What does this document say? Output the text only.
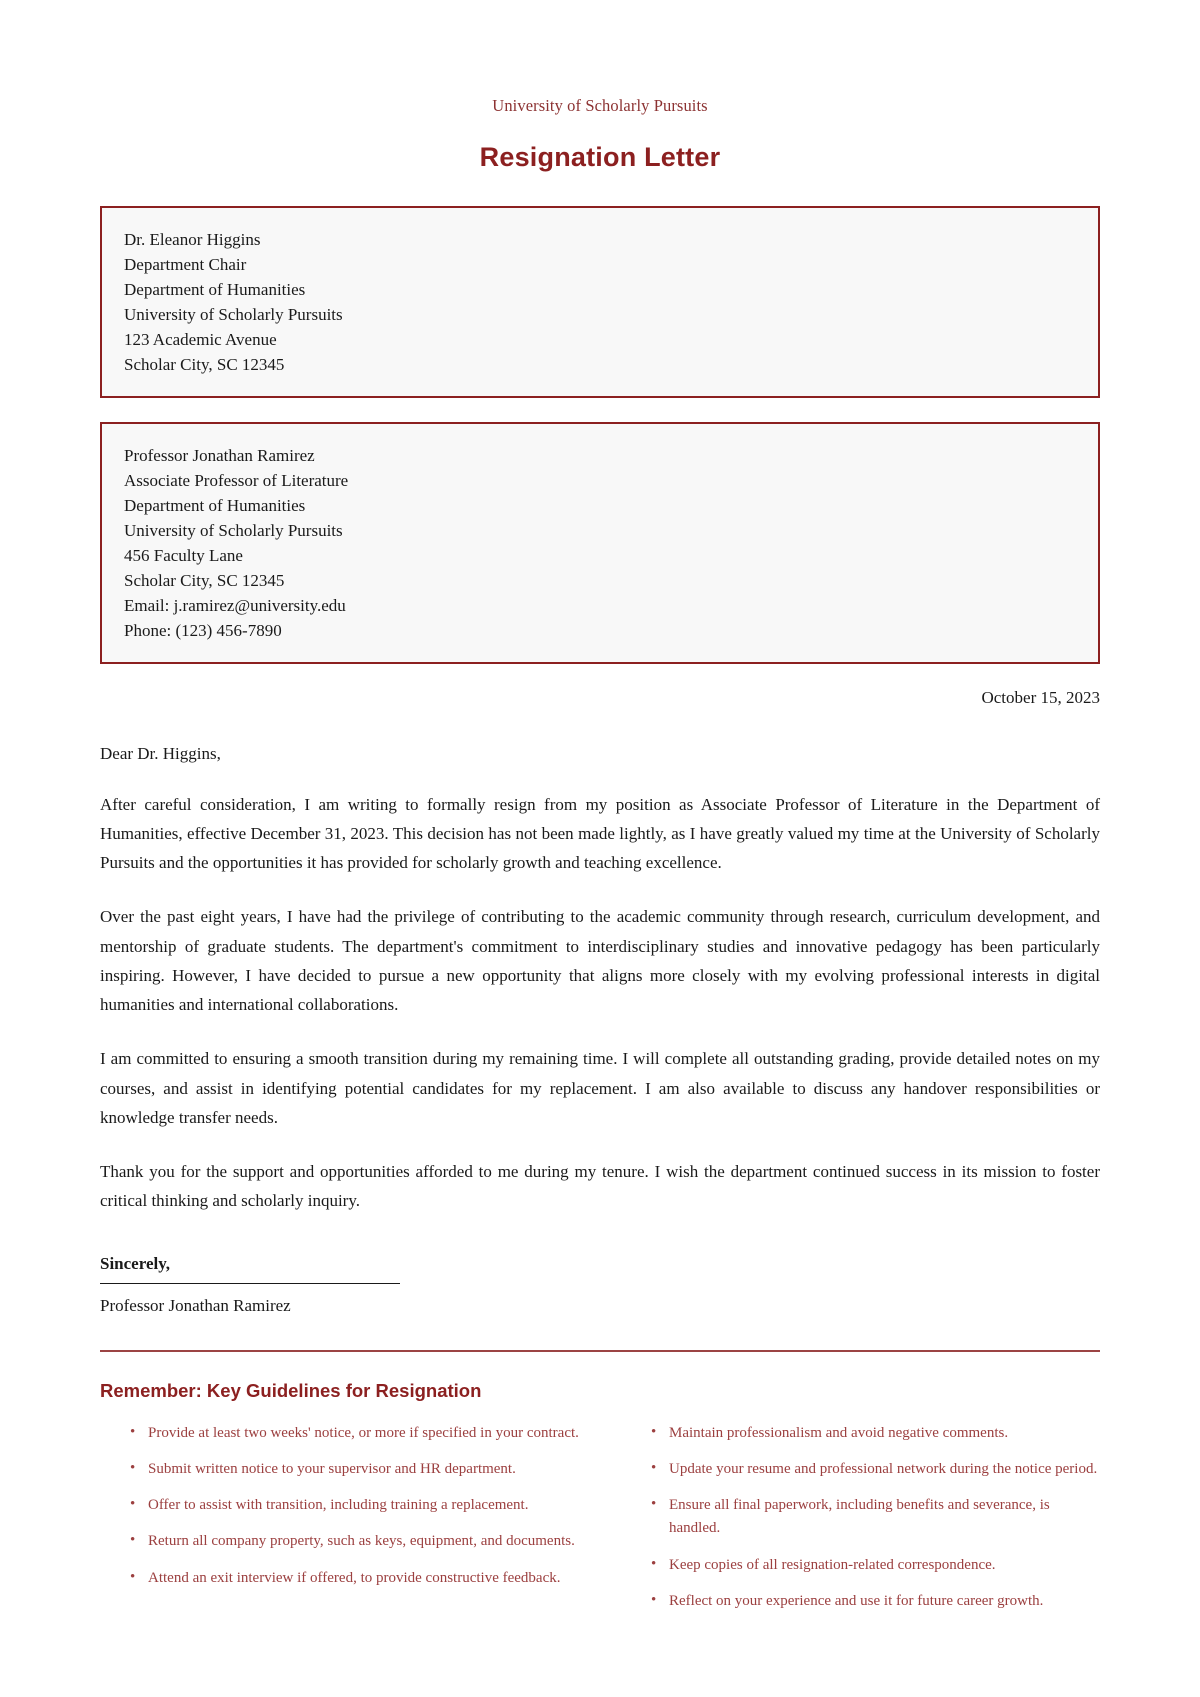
University of Scholarly Pursuits
Resignation Letter
Dr. Eleanor Higgins
Department Chair
Department of Humanities
University of Scholarly Pursuits
123 Academic Avenue
Scholar City, SC 12345
Professor Jonathan Ramirez
Associate Professor of Literature
Department of Humanities
University of Scholarly Pursuits
456 Faculty Lane
Scholar City, SC 12345
Email: j.ramirez@university.edu
Phone: (123) 456-7890
October 15, 2023
Dear Dr. Higgins,

After careful consideration, I am writing to formally resign from my position as Associate Professor of Literature in the Department of Humanities, effective December 31, 2023. This decision has not been made lightly, as I have greatly valued my time at the University of Scholarly Pursuits and the opportunities it has provided for scholarly growth and teaching excellence.

Over the past eight years, I have had the privilege of contributing to the academic community through research, curriculum development, and mentorship of graduate students. The department's commitment to interdisciplinary studies and innovative pedagogy has been particularly inspiring. However, I have decided to pursue a new opportunity that aligns more closely with my evolving professional interests in digital humanities and international collaborations.

I am committed to ensuring a smooth transition during my remaining time. I will complete all outstanding grading, provide detailed notes on my courses, and assist in identifying potential candidates for my replacement. I am also available to discuss any handover responsibilities or knowledge transfer needs.

Thank you for the support and opportunities afforded to me during my tenure. I wish the department continued success in its mission to foster critical thinking and scholarly inquiry.

Sincerely,
Professor Jonathan Ramirez
Remember: Key Guidelines for Resignation
• Provide at least two weeks' notice, or more if specified in your contract.
• Submit written notice to your supervisor and HR department.
• Offer to assist with transition, including training a replacement.
• Return all company property, such as keys, equipment, and documents.
• Attend an exit interview if offered, to provide constructive feedback.
• Maintain professionalism and avoid negative comments.
• Update your resume and professional network during the notice period.
• Ensure all final paperwork, including benefits and severance, is handled.
• Keep copies of all resignation-related correspondence.
• Reflect on your experience and use it for future career growth.
